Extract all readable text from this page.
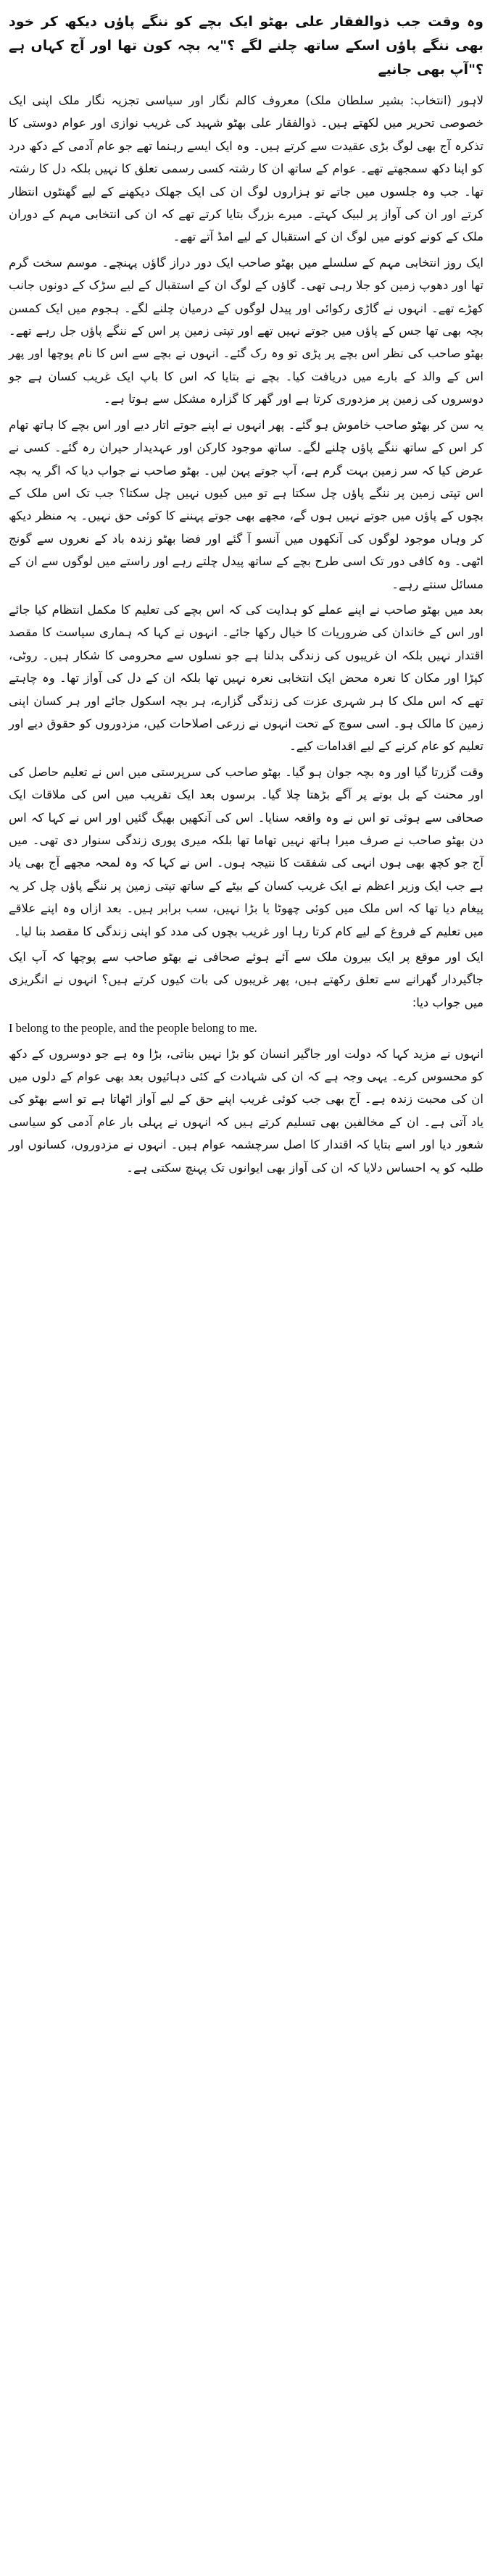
وہ وقت جب ذوالفقار علی بھٹو ایک بچے کو ننگے پاؤں دیکھ کر خود بھی ننگے پاؤں اسکے ساتھ چلنے لگے ؟"یہ بچہ کون تھا اور آج کہاں ہے ؟"آپ بھی جانیے

لاہور (انتخاب: بشیر سلطان ملک) معروف کالم نگار اور سیاسی تجزیہ نگار ملک اپنی ایک خصوصی تحریر میں لکھتے ہیں۔ ذوالفقار علی بھٹو شہید کی غریب نوازی اور عوام دوستی کا تذکرہ آج بھی لوگ بڑی عقیدت سے کرتے ہیں۔ وہ ایک ایسے رہنما تھے جو عام آدمی کے دکھ درد کو اپنا دکھ سمجھتے تھے۔ عوام کے ساتھ ان کا رشتہ کسی رسمی تعلق کا نہیں بلکہ دل کا رشتہ تھا۔ جب وہ جلسوں میں جاتے تو ہزاروں لوگ ان کی ایک جھلک دیکھنے کے لیے گھنٹوں انتظار کرتے اور ان کی آواز پر لبیک کہتے۔ میرے بزرگ بتایا کرتے تھے کہ ان کی انتخابی مہم کے دوران ملک کے کونے کونے میں لوگ ان کے استقبال کے لیے امڈ آتے تھے۔

ایک روز انتخابی مہم کے سلسلے میں بھٹو صاحب ایک دور دراز گاؤں پہنچے۔ موسم سخت گرم تھا اور دھوپ زمین کو جلا رہی تھی۔ گاؤں کے لوگ ان کے استقبال کے لیے سڑک کے دونوں جانب کھڑے تھے۔ انہوں نے گاڑی رکوائی اور پیدل لوگوں کے درمیان چلنے لگے۔ ہجوم میں ایک کمسن بچہ بھی تھا جس کے پاؤں میں جوتے نہیں تھے اور تپتی زمین پر اس کے ننگے پاؤں جل رہے تھے۔ بھٹو صاحب کی نظر اس بچے پر پڑی تو وہ رک گئے۔ انہوں نے بچے سے اس کا نام پوچھا اور پھر اس کے والد کے بارے میں دریافت کیا۔ بچے نے بتایا کہ اس کا باپ ایک غریب کسان ہے جو دوسروں کی زمین پر مزدوری کرتا ہے اور گھر کا گزارہ مشکل سے ہوتا ہے۔

یہ سن کر بھٹو صاحب خاموش ہو گئے۔ پھر انہوں نے اپنے جوتے اتار دیے اور اس بچے کا ہاتھ تھام کر اس کے ساتھ ننگے پاؤں چلنے لگے۔ ساتھ موجود کارکن اور عہدیدار حیران رہ گئے۔ کسی نے عرض کیا کہ سر زمین بہت گرم ہے، آپ جوتے پہن لیں۔ بھٹو صاحب نے جواب دیا کہ اگر یہ بچہ اس تپتی زمین پر ننگے پاؤں چل سکتا ہے تو میں کیوں نہیں چل سکتا؟ جب تک اس ملک کے بچوں کے پاؤں میں جوتے نہیں ہوں گے، مجھے بھی جوتے پہننے کا کوئی حق نہیں۔ یہ منظر دیکھ کر وہاں موجود لوگوں کی آنکھوں میں آنسو آ گئے اور فضا بھٹو زندہ باد کے نعروں سے گونج اٹھی۔ وہ کافی دور تک اسی طرح بچے کے ساتھ پیدل چلتے رہے اور راستے میں لوگوں سے ان کے مسائل سنتے رہے۔

بعد میں بھٹو صاحب نے اپنے عملے کو ہدایت کی کہ اس بچے کی تعلیم کا مکمل انتظام کیا جائے اور اس کے خاندان کی ضروریات کا خیال رکھا جائے۔ انہوں نے کہا کہ ہماری سیاست کا مقصد اقتدار نہیں بلکہ ان غریبوں کی زندگی بدلنا ہے جو نسلوں سے محرومی کا شکار ہیں۔ روٹی، کپڑا اور مکان کا نعرہ محض ایک انتخابی نعرہ نہیں تھا بلکہ ان کے دل کی آواز تھا۔ وہ چاہتے تھے کہ اس ملک کا ہر شہری عزت کی زندگی گزارے، ہر بچہ اسکول جائے اور ہر کسان اپنی زمین کا مالک ہو۔ اسی سوچ کے تحت انہوں نے زرعی اصلاحات کیں، مزدوروں کو حقوق دیے اور تعلیم کو عام کرنے کے لیے اقدامات کیے۔

وقت گزرتا گیا اور وہ بچہ جوان ہو گیا۔ بھٹو صاحب کی سرپرستی میں اس نے تعلیم حاصل کی اور محنت کے بل بوتے پر آگے بڑھتا چلا گیا۔ برسوں بعد ایک تقریب میں اس کی ملاقات ایک صحافی سے ہوئی تو اس نے وہ واقعہ سنایا۔ اس کی آنکھیں بھیگ گئیں اور اس نے کہا کہ اس دن بھٹو صاحب نے صرف میرا ہاتھ نہیں تھاما تھا بلکہ میری پوری زندگی سنوار دی تھی۔ میں آج جو کچھ بھی ہوں انہی کی شفقت کا نتیجہ ہوں۔ اس نے کہا کہ وہ لمحہ مجھے آج بھی یاد ہے جب ایک وزیر اعظم نے ایک غریب کسان کے بیٹے کے ساتھ تپتی زمین پر ننگے پاؤں چل کر یہ پیغام دیا تھا کہ اس ملک میں کوئی چھوٹا یا بڑا نہیں، سب برابر ہیں۔ بعد ازاں وہ اپنے علاقے میں تعلیم کے فروغ کے لیے کام کرتا رہا اور غریب بچوں کی مدد کو اپنی زندگی کا مقصد بنا لیا۔

ایک اور موقع پر ایک بیرون ملک سے آئے ہوئے صحافی نے بھٹو صاحب سے پوچھا کہ آپ ایک جاگیردار گھرانے سے تعلق رکھتے ہیں، پھر غریبوں کی بات کیوں کرتے ہیں؟ انہوں نے انگریزی میں جواب دیا:

I belong to the people, and the people belong to me.

انہوں نے مزید کہا کہ دولت اور جاگیر انسان کو بڑا نہیں بناتی، بڑا وہ ہے جو دوسروں کے دکھ کو محسوس کرے۔ یہی وجہ ہے کہ ان کی شہادت کے کئی دہائیوں بعد بھی عوام کے دلوں میں ان کی محبت زندہ ہے۔ آج بھی جب کوئی غریب اپنے حق کے لیے آواز اٹھاتا ہے تو اسے بھٹو کی یاد آتی ہے۔ ان کے مخالفین بھی تسلیم کرتے ہیں کہ انہوں نے پہلی بار عام آدمی کو سیاسی شعور دیا اور اسے بتایا کہ اقتدار کا اصل سرچشمہ عوام ہیں۔ انہوں نے مزدوروں، کسانوں اور طلبہ کو یہ احساس دلایا کہ ان کی آواز بھی ایوانوں تک پہنچ سکتی ہے۔
